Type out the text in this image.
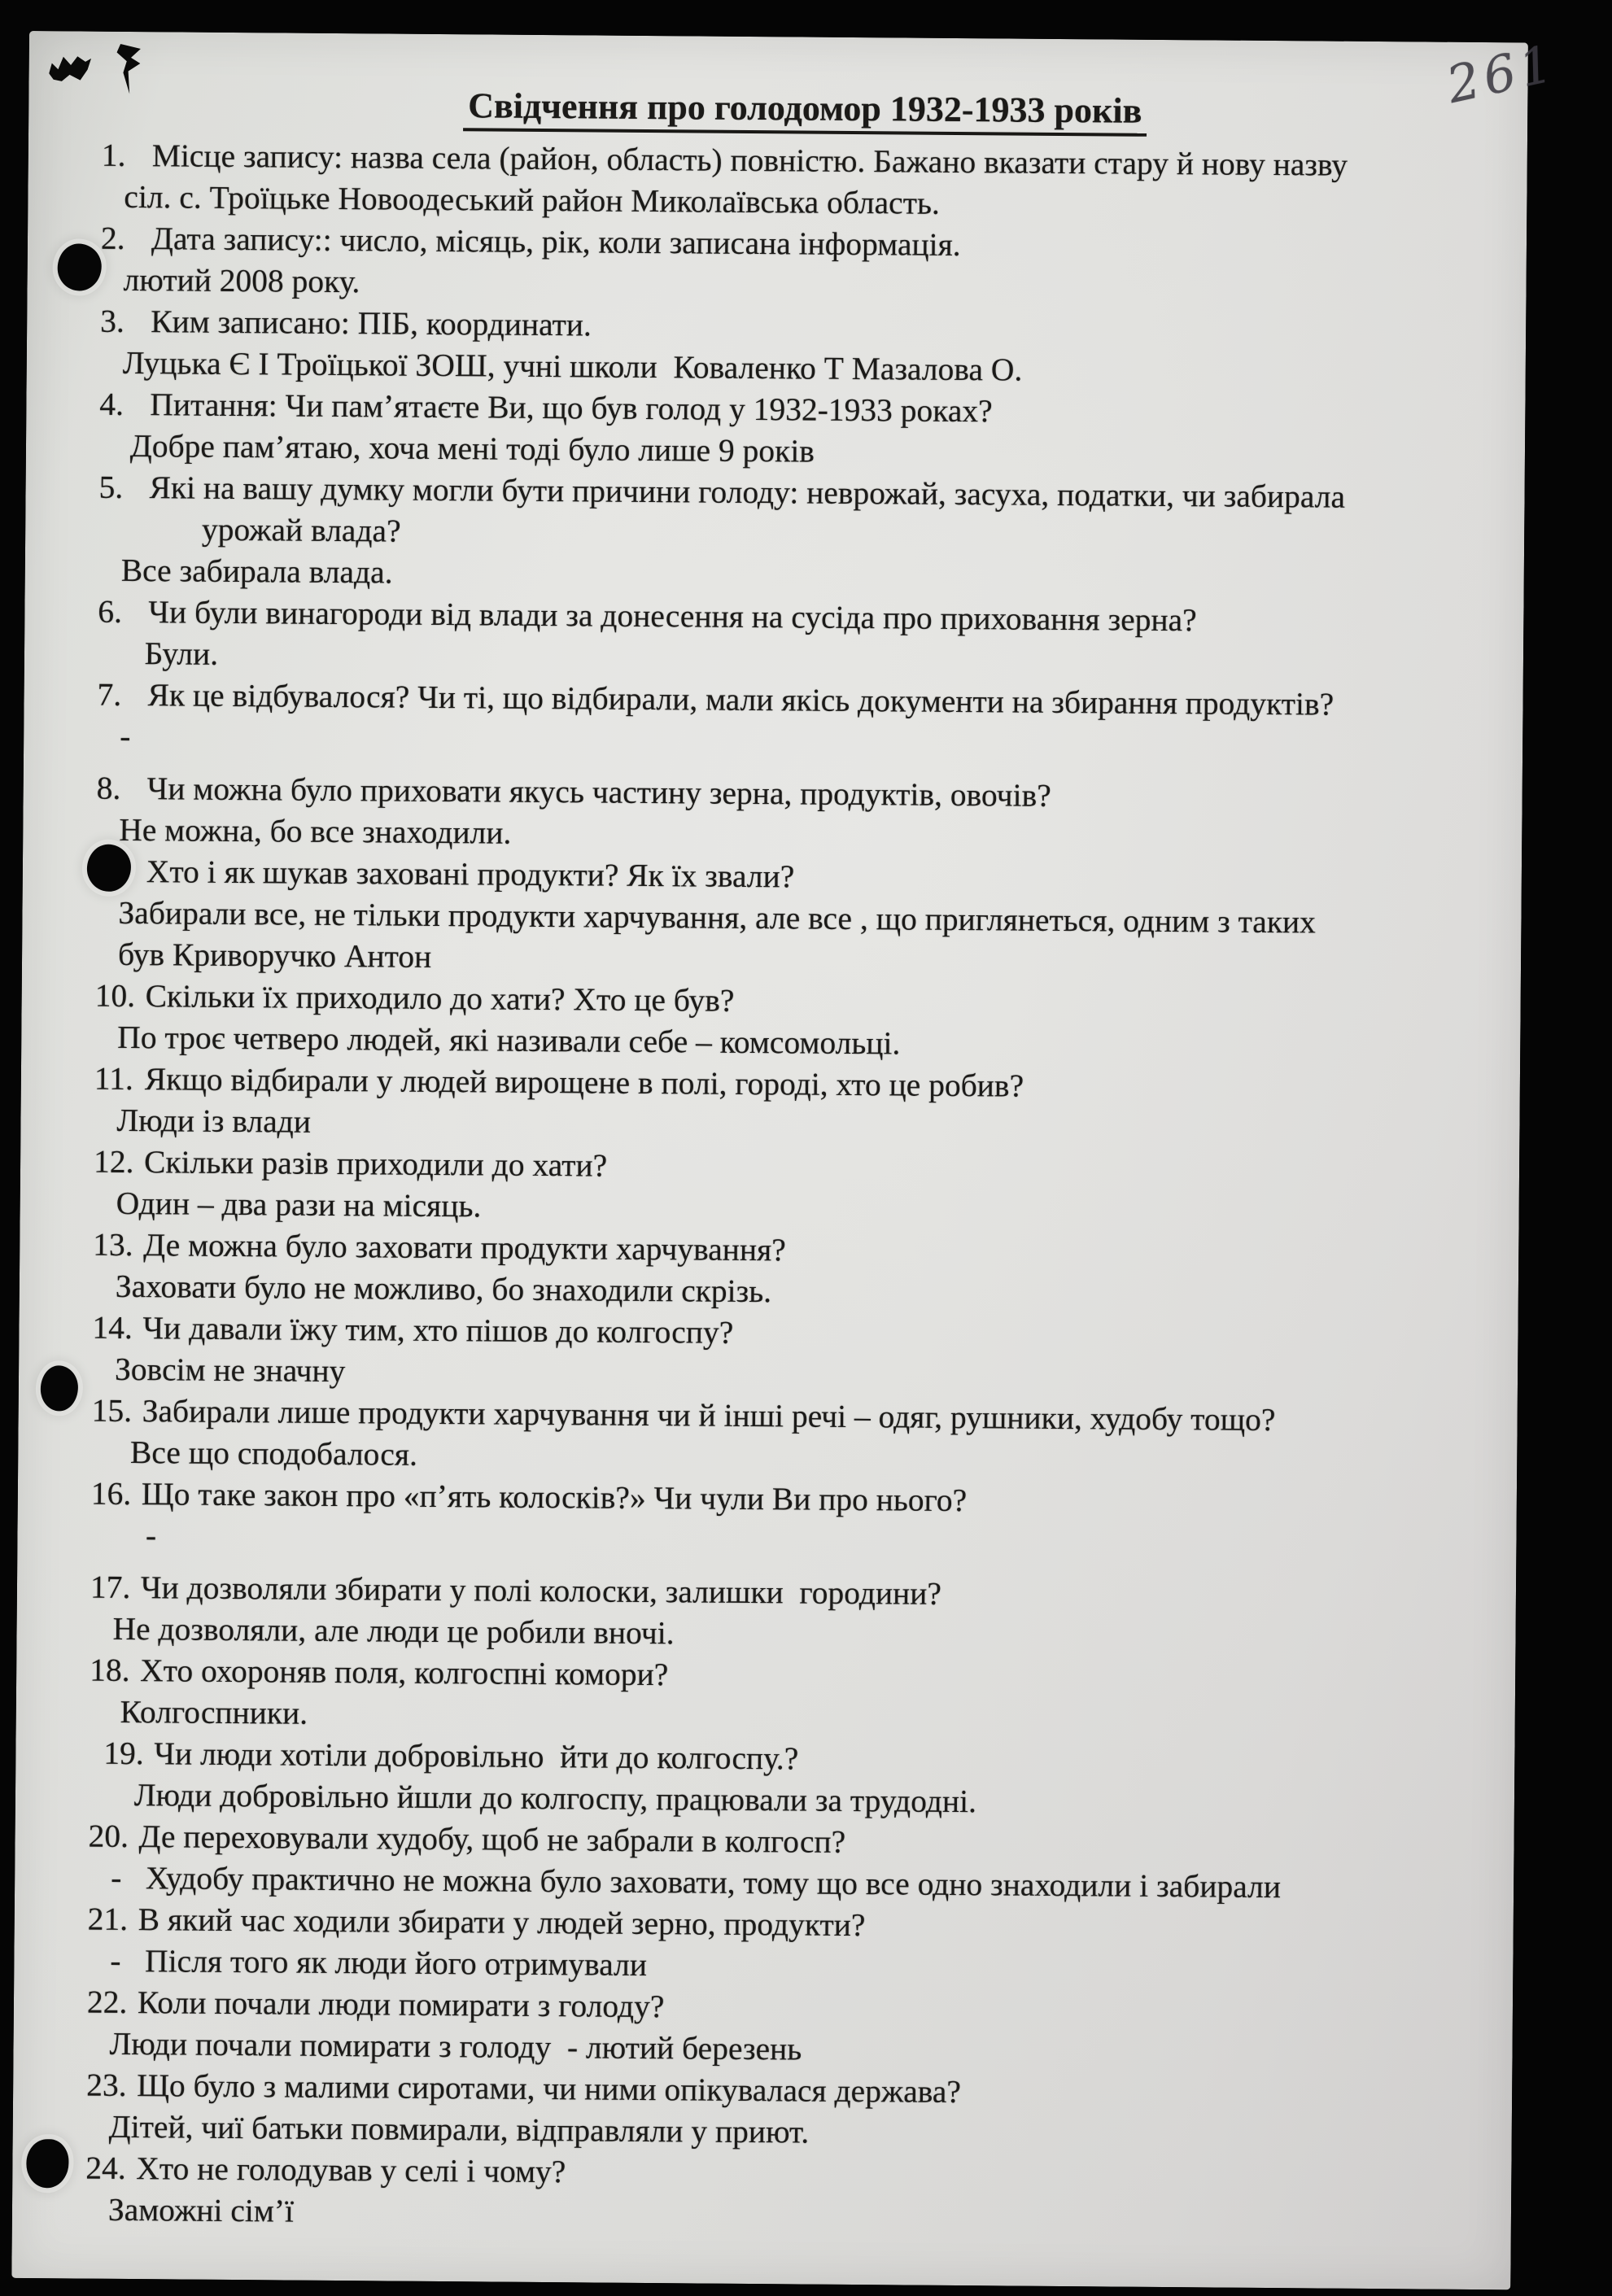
261
Свідчення про голодомор 1932-1933 років
1. Місце запису: назва села (район, область) повністю. Бажано вказати стару й нову назву
сіл. с. Троїцьке Новоодеський район Миколаївська область.
2. Дата запису:: число, місяць, рік, коли записана інформація.
лютий 2008 року.
3. Ким записано: ПІБ, координати.
Луцька Є І Троїцької ЗОШ, учні школи  Коваленко Т Мазалова О.
4. Питання: Чи пам’ятаєте Ви, що був голод у 1932-1933 роках?
Добре пам’ятаю, хоча мені тоді було лише 9 років
5. Які на вашу думку могли бути причини голоду: неврожай, засуха, податки, чи забирала
урожай влада?
Все забирала влада.
6. Чи були винагороди від влади за донесення на сусіда про приховання зерна?
Були.
7. Як це відбувалося? Чи ті, що відбирали, мали якісь документи на збирання продуктів?
-
8. Чи можна було приховати якусь частину зерна, продуктів, овочів?
Не можна, бо все знаходили.
Хто і як шукав заховані продукти? Як їх звали?
Забирали все, не тільки продукти харчування, але все , що приглянеться, одним з таких
був Криворучко Антон
10. Скільки їх приходило до хати? Хто це був?
По троє четверо людей, які називали себе – комсомольці.
11. Якщо відбирали у людей вирощене в полі, городі, хто це робив?
Люди із влади
12. Скільки разів приходили до хати?
Один – два рази на місяць.
13. Де можна було заховати продукти харчування?
Заховати було не можливо, бо знаходили скрізь.
14. Чи давали їжу тим, хто пішов до колгоспу?
Зовсім не значну
15. Забирали лише продукти харчування чи й інші речі – одяг, рушники, худобу тощо?
Все що сподобалося.
16. Що таке закон про «п’ять колосків?» Чи чули Ви про нього?
-
17. Чи дозволяли збирати у полі колоски, залишки  городини?
Не дозволяли, але люди це робили вночі.
18. Хто охороняв поля, колгоспні комори?
Колгоспники.
19. Чи люди хотіли добровільно  йти до колгоспу.?
Люди добровільно йшли до колгоспу, працювали за трудодні.
20. Де переховували худобу, щоб не забрали в колгосп?
-   Худобу практично не можна було заховати, тому що все одно знаходили і забирали
21. В який час ходили збирати у людей зерно, продукти?
-   Після того як люди його отримували
22. Коли почали люди помирати з голоду?
Люди почали помирати з голоду  - лютий березень
23. Що було з малими сиротами, чи ними опікувалася держава?
Дітей, чиї батьки повмирали, відправляли у приют.
24. Хто не голодував у селі і чому?
Заможні сім’ї
